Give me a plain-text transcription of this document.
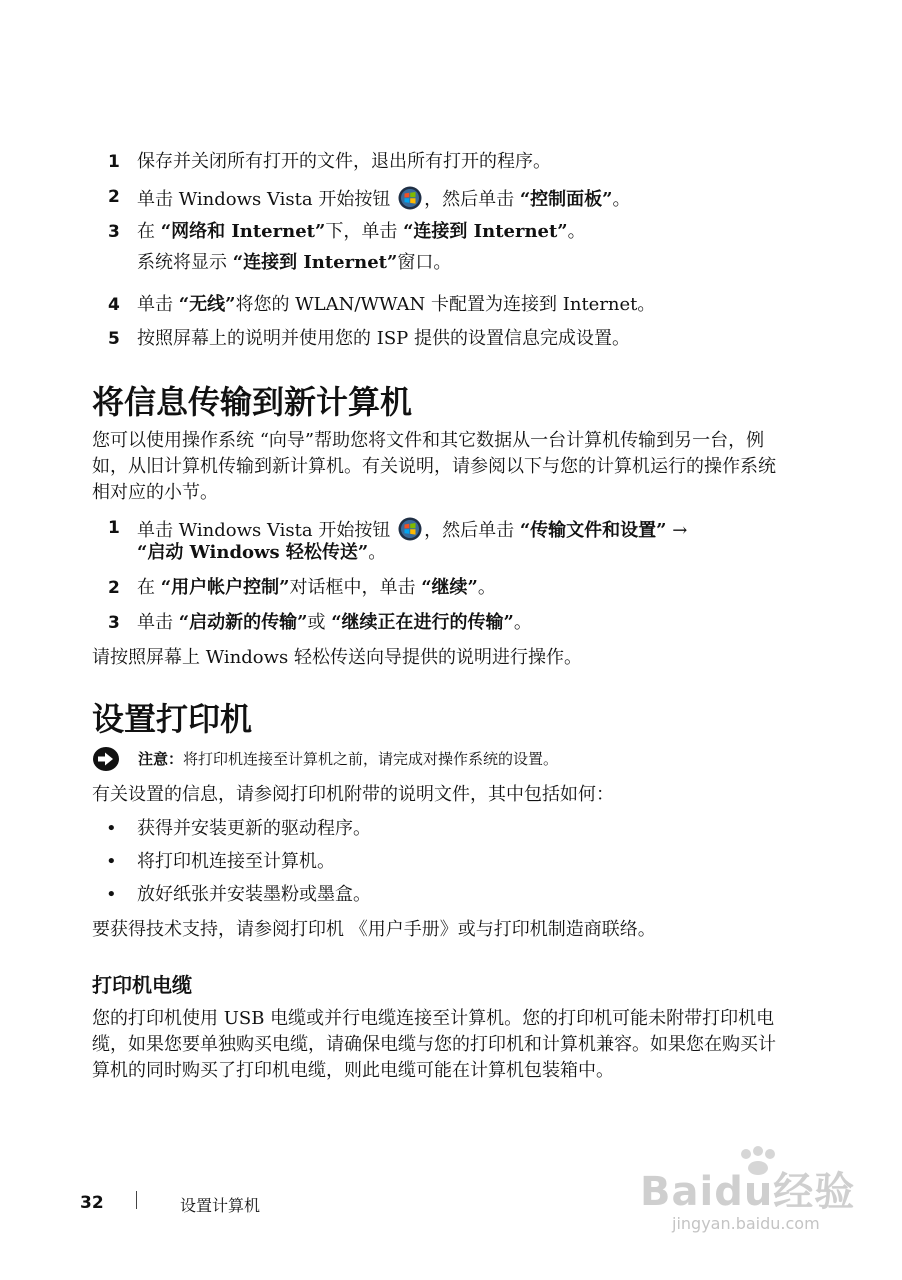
1 保存并关闭所有打开的文件，退出所有打开的程序。
2 单击 Windows Vista 开始按钮 ，然后单击 “控制面板”。
3 在 “网络和 Internet”下，单击 “连接到 Internet”。
系统将显示 “连接到 Internet”窗口。
4 单击 “无线”将您的 WLAN/WWAN 卡配置为连接到 Internet。
5 按照屏幕上的说明并使用您的 ISP 提供的设置信息完成设置。
将信息传输到新计算机
您可以使用操作系统 “向导”帮助您将文件和其它数据从一台计算机传输到另一台，例如，从旧计算机传输到新计算机。有关说明，请参阅以下与您的计算机运行的操作系统相对应的小节。
1 单击 Windows Vista 开始按钮 ，然后单击 “传输文件和设置” →
“启动 Windows 轻松传送”。
2 在 “用户帐户控制”对话框中，单击 “继续”。
3 单击 “启动新的传输”或 “继续正在进行的传输”。
请按照屏幕上 Windows 轻松传送向导提供的说明进行操作。
设置打印机
注意：将打印机连接至计算机之前，请完成对操作系统的设置。
有关设置的信息，请参阅打印机附带的说明文件，其中包括如何：
• 获得并安装更新的驱动程序。
• 将打印机连接至计算机。
• 放好纸张并安装墨粉或墨盒。
要获得技术支持，请参阅打印机 《用户手册》或与打印机制造商联络。
打印机电缆
您的打印机使用 USB 电缆或并行电缆连接至计算机。您的打印机可能未附带打印机电缆，如果您要单独购买电缆，请确保电缆与您的打印机和计算机兼容。如果您在购买计算机的同时购买了打印机电缆，则此电缆可能在计算机包装箱中。
32	设置计算机	Baidu经验
jingyan.baidu.com
